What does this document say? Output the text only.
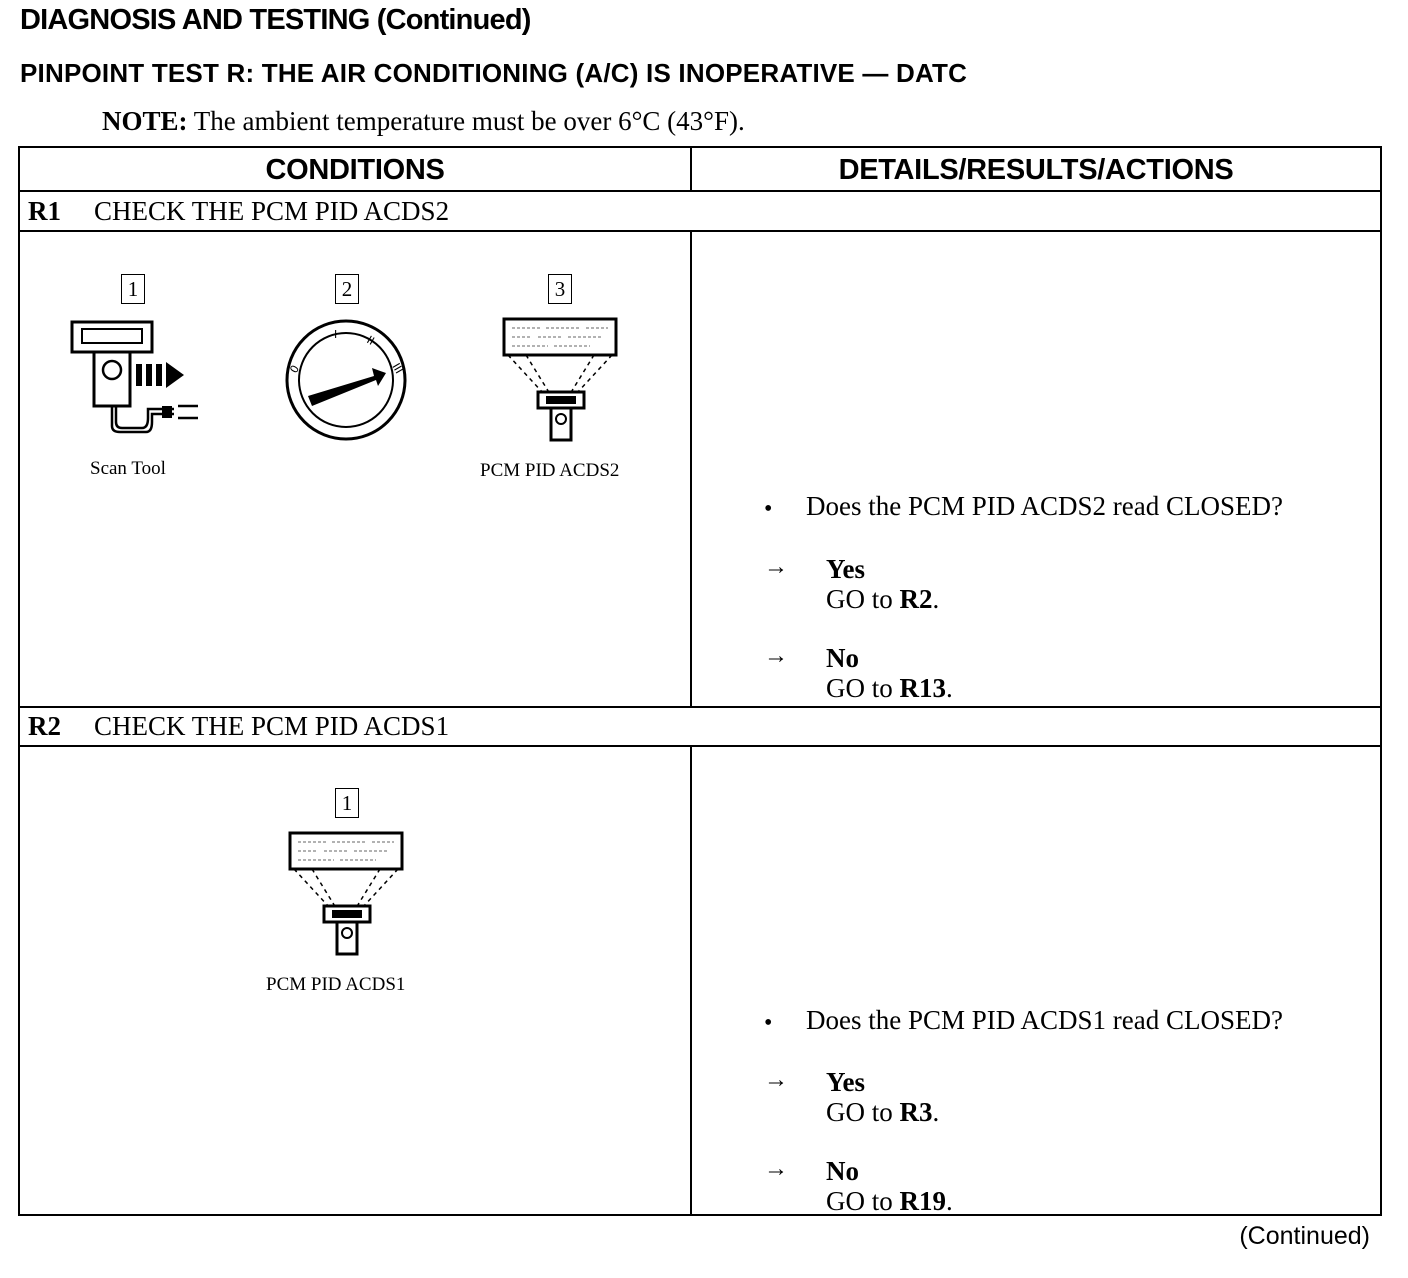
DIAGNOSIS AND TESTING (Continued)
PINPOINT TEST R: THE AIR CONDITIONING (A/C) IS INOPERATIVE — DATC
NOTE: The ambient temperature must be over 6°C (43°F).
CONDITIONS	DETAILS/RESULTS/ACTIONS
R1	CHECK THE PCM PID ACDS2
1
Scan Tool
2
0
I II
III
3
PCM PID ACDS2
• Does the PCM PID ACDS2 read CLOSED?
→ Yes
GO to R2.
→ No
GO to R13.
R2	CHECK THE PCM PID ACDS1
1
PCM PID ACDS1
• Does the PCM PID ACDS1 read CLOSED?
→ Yes
GO to R3.
→ No
GO to R19.
(Continued)
